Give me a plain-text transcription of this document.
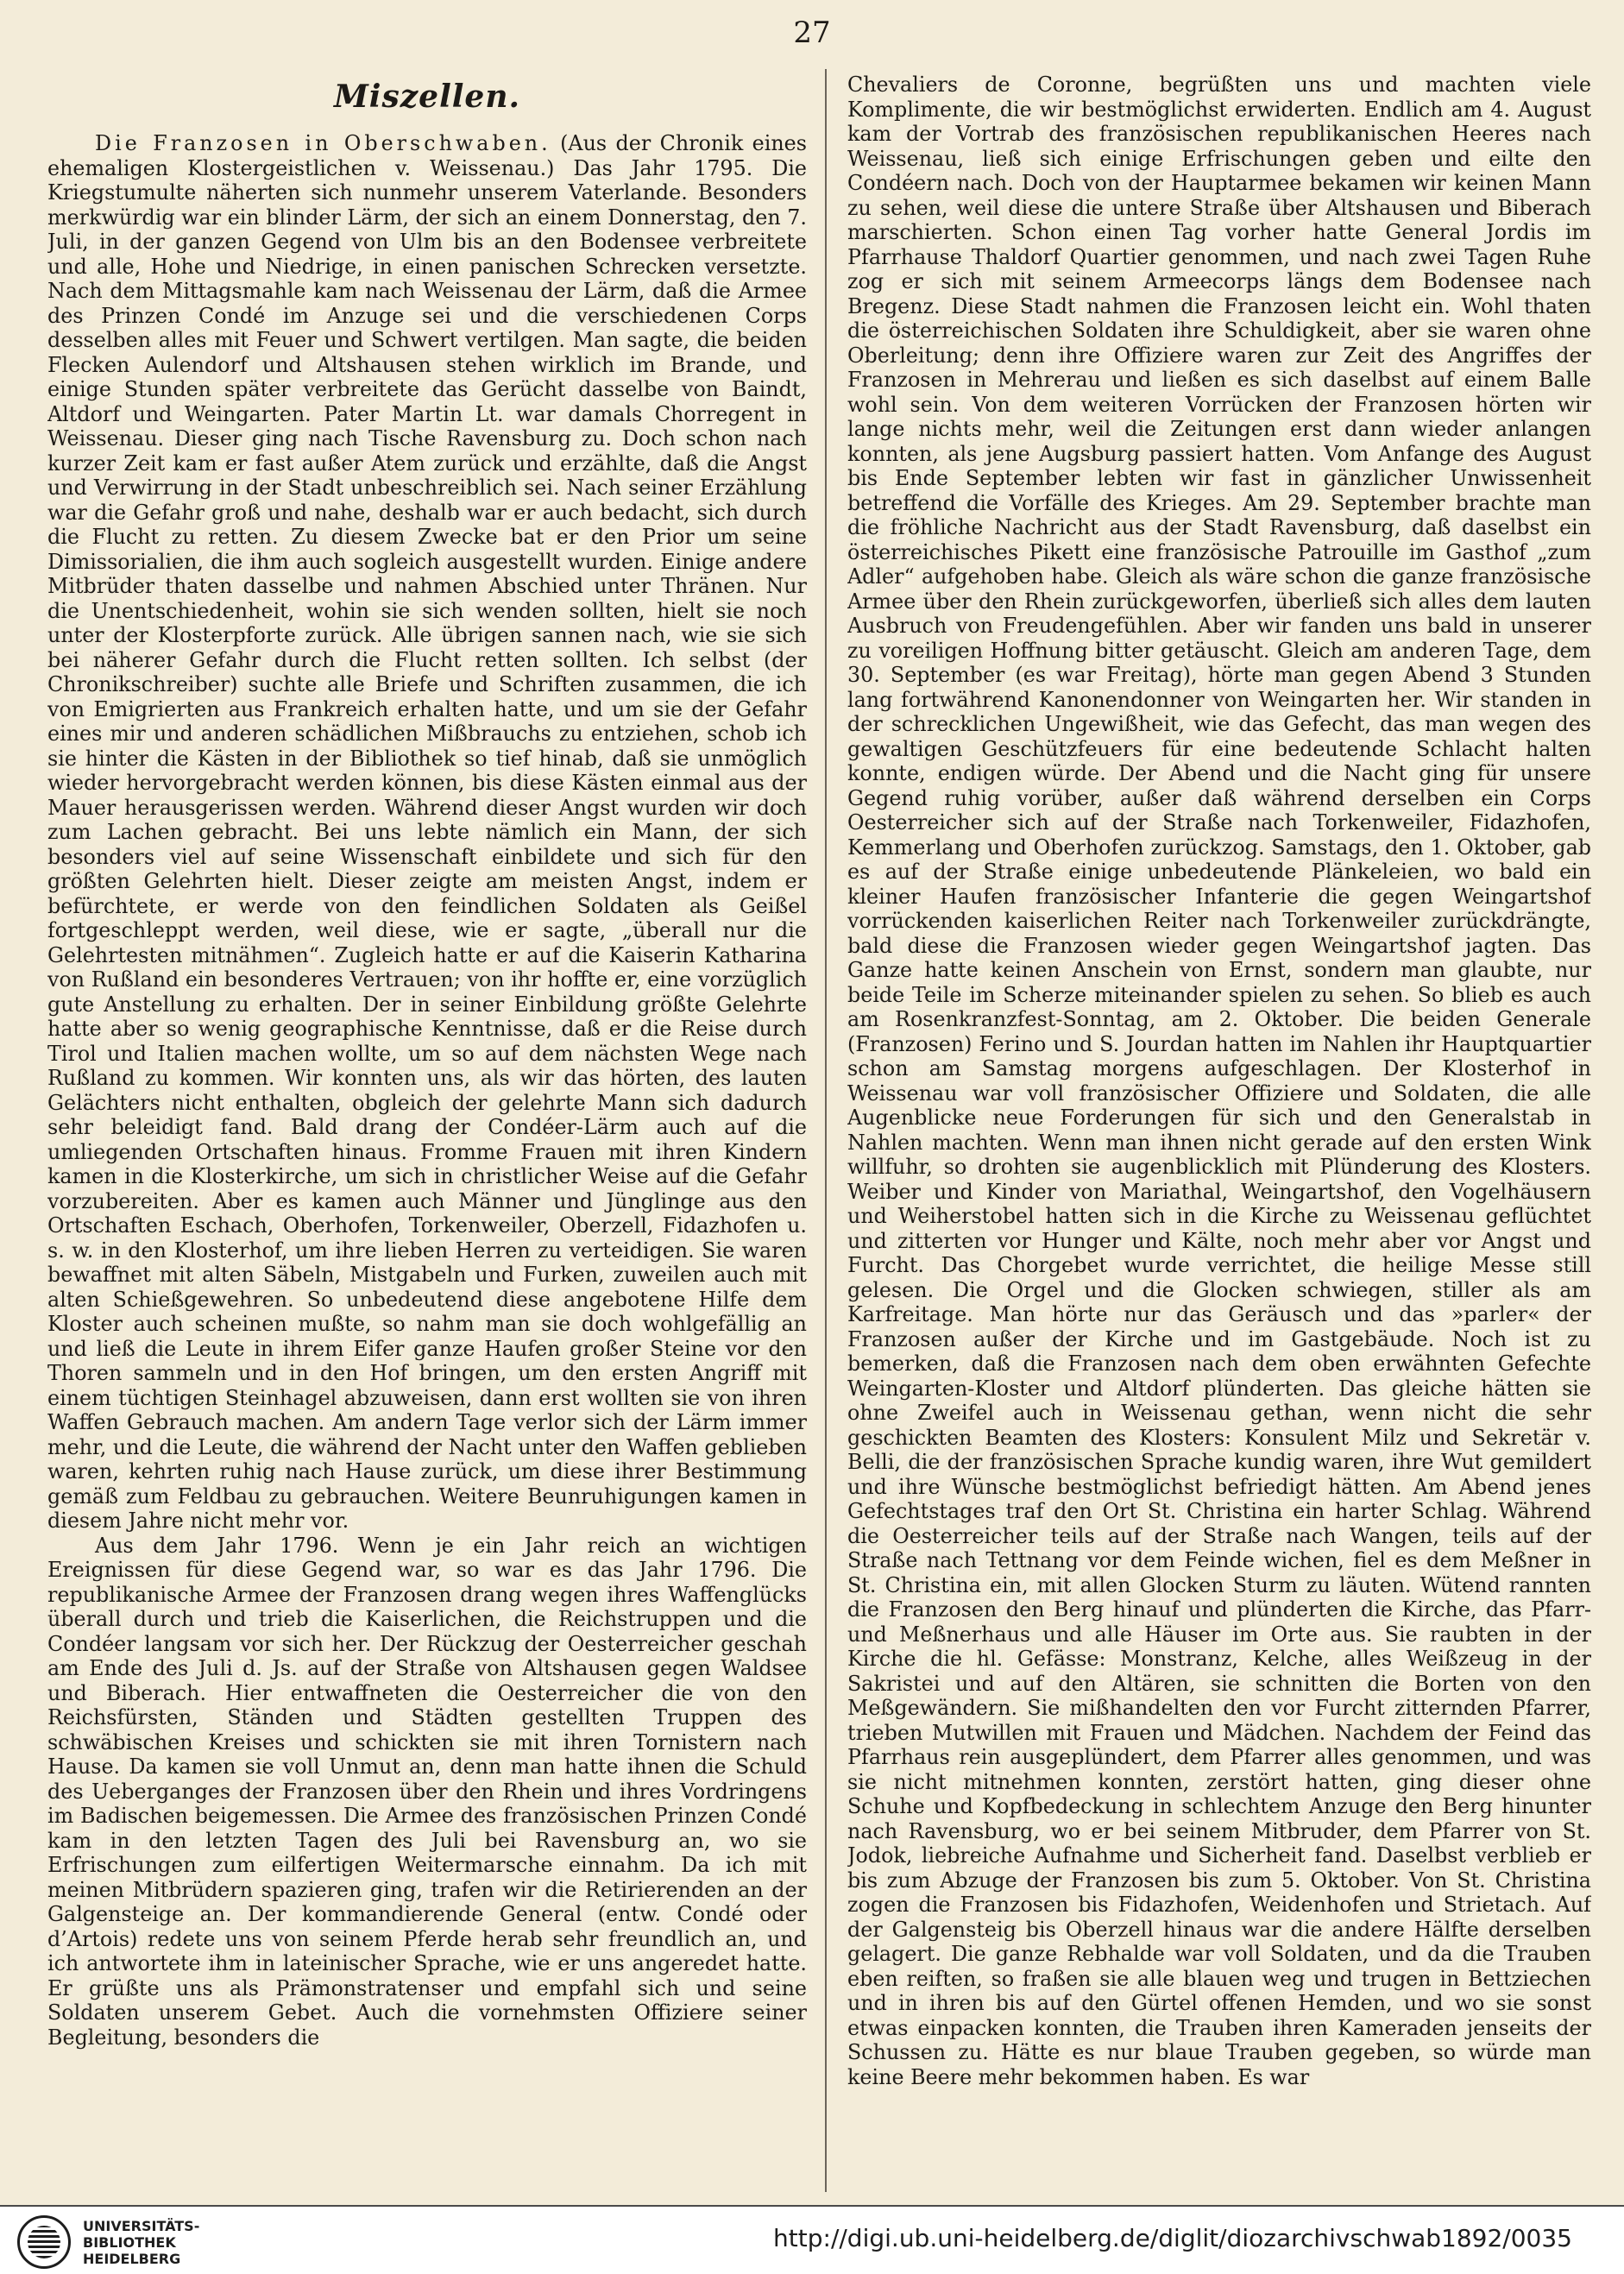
27
Miszellen.

Die Franzosen in Oberschwaben. (Aus der Chronik eines ehemaligen Klostergeistlichen v. Weissenau.) Das Jahr 1795. Die Kriegstumulte näherten sich nunmehr unserem Vaterlande. Besonders merkwürdig war ein blinder Lärm, der sich an einem Donnerstag, den 7. Juli, in der ganzen Gegend von Ulm bis an den Bodensee verbreitete und alle, Hohe und Niedrige, in einen panischen Schrecken versetzte. Nach dem Mittagsmahle kam nach Weissenau der Lärm, daß die Armee des Prinzen Condé im Anzuge sei und die verschiedenen Corps desselben alles mit Feuer und Schwert vertilgen. Man sagte, die beiden Flecken Aulendorf und Altshausen stehen wirklich im Brande, und einige Stunden später verbreitete das Gerücht dasselbe von Baindt, Altdorf und Weingarten. Pater Martin Lt. war damals Chorregent in Weissenau. Dieser ging nach Tische Ravensburg zu. Doch schon nach kurzer Zeit kam er fast außer Atem zurück und erzählte, daß die Angst und Verwirrung in der Stadt unbeschreiblich sei. Nach seiner Erzählung war die Gefahr groß und nahe, deshalb war er auch bedacht, sich durch die Flucht zu retten. Zu diesem Zwecke bat er den Prior um seine Dimissorialien, die ihm auch sogleich ausgestellt wurden. Einige andere Mitbrüder thaten dasselbe und nahmen Abschied unter Thränen. Nur die Unentschiedenheit, wohin sie sich wenden sollten, hielt sie noch unter der Klosterpforte zurück. Alle übrigen sannen nach, wie sie sich bei näherer Gefahr durch die Flucht retten sollten. Ich selbst (der Chronikschreiber) suchte alle Briefe und Schriften zusammen, die ich von Emigrierten aus Frankreich erhalten hatte, und um sie der Gefahr eines mir und anderen schädlichen Mißbrauchs zu entziehen, schob ich sie hinter die Kästen in der Bibliothek so tief hinab, daß sie unmöglich wieder hervorgebracht werden können, bis diese Kästen einmal aus der Mauer herausgerissen werden. Während dieser Angst wurden wir doch zum Lachen gebracht. Bei uns lebte nämlich ein Mann, der sich besonders viel auf seine Wissenschaft einbildete und sich für den größten Gelehrten hielt. Dieser zeigte am meisten Angst, indem er befürchtete, er werde von den feindlichen Soldaten als Geißel fortgeschleppt werden, weil diese, wie er sagte, „überall nur die Gelehrtesten mitnähmen“. Zugleich hatte er auf die Kaiserin Katharina von Rußland ein besonderes Vertrauen; von ihr hoffte er, eine vorzüglich gute Anstellung zu erhalten. Der in seiner Einbildung größte Gelehrte hatte aber so wenig geographische Kenntnisse, daß er die Reise durch Tirol und Italien machen wollte, um so auf dem nächsten Wege nach Rußland zu kommen. Wir konnten uns, als wir das hörten, des lauten Gelächters nicht enthalten, obgleich der gelehrte Mann sich dadurch sehr beleidigt fand. Bald drang der Condéer-Lärm auch auf die umliegenden Ortschaften hinaus. Fromme Frauen mit ihren Kindern kamen in die Klosterkirche, um sich in christlicher Weise auf die Gefahr vorzubereiten. Aber es kamen auch Männer und Jünglinge aus den Ortschaften Eschach, Oberhofen, Torkenweiler, Oberzell, Fidazhofen u. s. w. in den Klosterhof, um ihre lieben Herren zu verteidigen. Sie waren bewaffnet mit alten Säbeln, Mistgabeln und Furken, zuweilen auch mit alten Schießgewehren. So unbedeutend diese angebotene Hilfe dem Kloster auch scheinen mußte, so nahm man sie doch wohlgefällig an und ließ die Leute in ihrem Eifer ganze Haufen großer Steine vor den Thoren sammeln und in den Hof bringen, um den ersten Angriff mit einem tüchtigen Steinhagel abzuweisen, dann erst wollten sie von ihren Waffen Gebrauch machen. Am andern Tage verlor sich der Lärm immer mehr, und die Leute, die während der Nacht unter den Waffen geblieben waren, kehrten ruhig nach Hause zurück, um diese ihrer Bestimmung gemäß zum Feldbau zu gebrauchen. Weitere Beunruhigungen kamen in diesem Jahre nicht mehr vor.

Aus dem Jahr 1796. Wenn je ein Jahr reich an wichtigen Ereignissen für diese Gegend war, so war es das Jahr 1796. Die republikanische Armee der Franzosen drang wegen ihres Waffenglücks überall durch und trieb die Kaiserlichen, die Reichstruppen und die Condéer langsam vor sich her. Der Rückzug der Oesterreicher geschah am Ende des Juli d. Js. auf der Straße von Altshausen gegen Waldsee und Biberach. Hier entwaffneten die Oesterreicher die von den Reichsfürsten, Ständen und Städten gestellten Truppen des schwäbischen Kreises und schickten sie mit ihren Tornistern nach Hause. Da kamen sie voll Unmut an, denn man hatte ihnen die Schuld des Ueberganges der Franzosen über den Rhein und ihres Vordringens im Badischen beigemessen. Die Armee des französischen Prinzen Condé kam in den letzten Tagen des Juli bei Ravensburg an, wo sie Erfrischungen zum eilfertigen Weitermarsche einnahm. Da ich mit meinen Mitbrüdern spazieren ging, trafen wir die Retirierenden an der Galgensteige an. Der kommandierende General (entw. Condé oder d’Artois) redete uns von seinem Pferde herab sehr freundlich an, und ich antwortete ihm in lateinischer Sprache, wie er uns angeredet hatte. Er grüßte uns als Prämonstratenser und empfahl sich und seine Soldaten unserem Gebet. Auch die vornehmsten Offiziere seiner Begleitung, besonders die

Chevaliers de Coronne, begrüßten uns und machten viele Komplimente, die wir bestmöglichst erwiderten. Endlich am 4. August kam der Vortrab des französischen republikanischen Heeres nach Weissenau, ließ sich einige Erfrischungen geben und eilte den Condéern nach. Doch von der Hauptarmee bekamen wir keinen Mann zu sehen, weil diese die untere Straße über Altshausen und Biberach marschierten. Schon einen Tag vorher hatte General Jordis im Pfarrhause Thaldorf Quartier genommen, und nach zwei Tagen Ruhe zog er sich mit seinem Armeecorps längs dem Bodensee nach Bregenz. Diese Stadt nahmen die Franzosen leicht ein. Wohl thaten die österreichischen Soldaten ihre Schuldigkeit, aber sie waren ohne Oberleitung; denn ihre Offiziere waren zur Zeit des Angriffes der Franzosen in Mehrerau und ließen es sich daselbst auf einem Balle wohl sein. Von dem weiteren Vorrücken der Franzosen hörten wir lange nichts mehr, weil die Zeitungen erst dann wieder anlangen konnten, als jene Augsburg passiert hatten. Vom Anfange des August bis Ende September lebten wir fast in gänzlicher Unwissenheit betreffend die Vorfälle des Krieges. Am 29. September brachte man die fröhliche Nachricht aus der Stadt Ravensburg, daß daselbst ein österreichisches Pikett eine französische Patrouille im Gasthof „zum Adler“ aufgehoben habe. Gleich als wäre schon die ganze französische Armee über den Rhein zurückgeworfen, überließ sich alles dem lauten Ausbruch von Freudengefühlen. Aber wir fanden uns bald in unserer zu voreiligen Hoffnung bitter getäuscht. Gleich am anderen Tage, dem 30. September (es war Freitag), hörte man gegen Abend 3 Stunden lang fortwährend Kanonendonner von Weingarten her. Wir standen in der schrecklichen Ungewißheit, wie das Gefecht, das man wegen des gewaltigen Geschützfeuers für eine bedeutende Schlacht halten konnte, endigen würde. Der Abend und die Nacht ging für unsere Gegend ruhig vorüber, außer daß während derselben ein Corps Oesterreicher sich auf der Straße nach Torkenweiler, Fidazhofen, Kemmerlang und Oberhofen zurückzog. Samstags, den 1. Oktober, gab es auf der Straße einige unbedeutende Plänkeleien, wo bald ein kleiner Haufen französischer Infanterie die gegen Weingartshof vorrückenden kaiserlichen Reiter nach Torkenweiler zurückdrängte, bald diese die Franzosen wieder gegen Weingartshof jagten. Das Ganze hatte keinen Anschein von Ernst, sondern man glaubte, nur beide Teile im Scherze miteinander spielen zu sehen. So blieb es auch am Rosenkranzfest-Sonntag, am 2. Oktober. Die beiden Generale (Franzosen) Ferino und S. Jourdan hatten im Nahlen ihr Hauptquartier schon am Samstag morgens aufgeschlagen. Der Klosterhof in Weissenau war voll französischer Offiziere und Soldaten, die alle Augenblicke neue Forderungen für sich und den Generalstab in Nahlen machten. Wenn man ihnen nicht gerade auf den ersten Wink willfuhr, so drohten sie augenblicklich mit Plünderung des Klosters. Weiber und Kinder von Mariathal, Weingartshof, den Vogelhäusern und Weiherstobel hatten sich in die Kirche zu Weissenau geflüchtet und zitterten vor Hunger und Kälte, noch mehr aber vor Angst und Furcht. Das Chorgebet wurde verrichtet, die heilige Messe still gelesen. Die Orgel und die Glocken schwiegen, stiller als am Karfreitage. Man hörte nur das Geräusch und das »parler« der Franzosen außer der Kirche und im Gastgebäude. Noch ist zu bemerken, daß die Franzosen nach dem oben erwähnten Gefechte Weingarten-Kloster und Altdorf plünderten. Das gleiche hätten sie ohne Zweifel auch in Weissenau gethan, wenn nicht die sehr geschickten Beamten des Klosters: Konsulent Milz und Sekretär v. Belli, die der französischen Sprache kundig waren, ihre Wut gemildert und ihre Wünsche bestmöglichst befriedigt hätten. Am Abend jenes Gefechtstages traf den Ort St. Christina ein harter Schlag. Während die Oesterreicher teils auf der Straße nach Wangen, teils auf der Straße nach Tettnang vor dem Feinde wichen, fiel es dem Meßner in St. Christina ein, mit allen Glocken Sturm zu läuten. Wütend rannten die Franzosen den Berg hinauf und plünderten die Kirche, das Pfarr- und Meßnerhaus und alle Häuser im Orte aus. Sie raubten in der Kirche die hl. Gefässe: Monstranz, Kelche, alles Weißzeug in der Sakristei und auf den Altären, sie schnitten die Borten von den Meßgewändern. Sie mißhandelten den vor Furcht zitternden Pfarrer, trieben Mutwillen mit Frauen und Mädchen. Nachdem der Feind das Pfarrhaus rein ausgeplündert, dem Pfarrer alles genommen, und was sie nicht mitnehmen konnten, zerstört hatten, ging dieser ohne Schuhe und Kopfbedeckung in schlechtem Anzuge den Berg hinunter nach Ravensburg, wo er bei seinem Mitbruder, dem Pfarrer von St. Jodok, liebreiche Aufnahme und Sicherheit fand. Daselbst verblieb er bis zum Abzuge der Franzosen bis zum 5. Oktober. Von St. Christina zogen die Franzosen bis Fidazhofen, Weidenhofen und Strietach. Auf der Galgensteig bis Oberzell hinaus war die andere Hälfte derselben gelagert. Die ganze Rebhalde war voll Soldaten, und da die Trauben eben reiften, so fraßen sie alle blauen weg und trugen in Bettziechen und in ihren bis auf den Gürtel offenen Hemden, und wo sie sonst etwas einpacken konnten, die Trauben ihren Kameraden jenseits der Schussen zu. Hätte es nur blaue Trauben gegeben, so würde man keine Beere mehr bekommen haben. Es war

UNIVERSITÄTS-
BIBLIOTHEK
HEIDELBERG
http://digi.ub.uni-heidelberg.de/diglit/diozarchivschwab1892/0035
